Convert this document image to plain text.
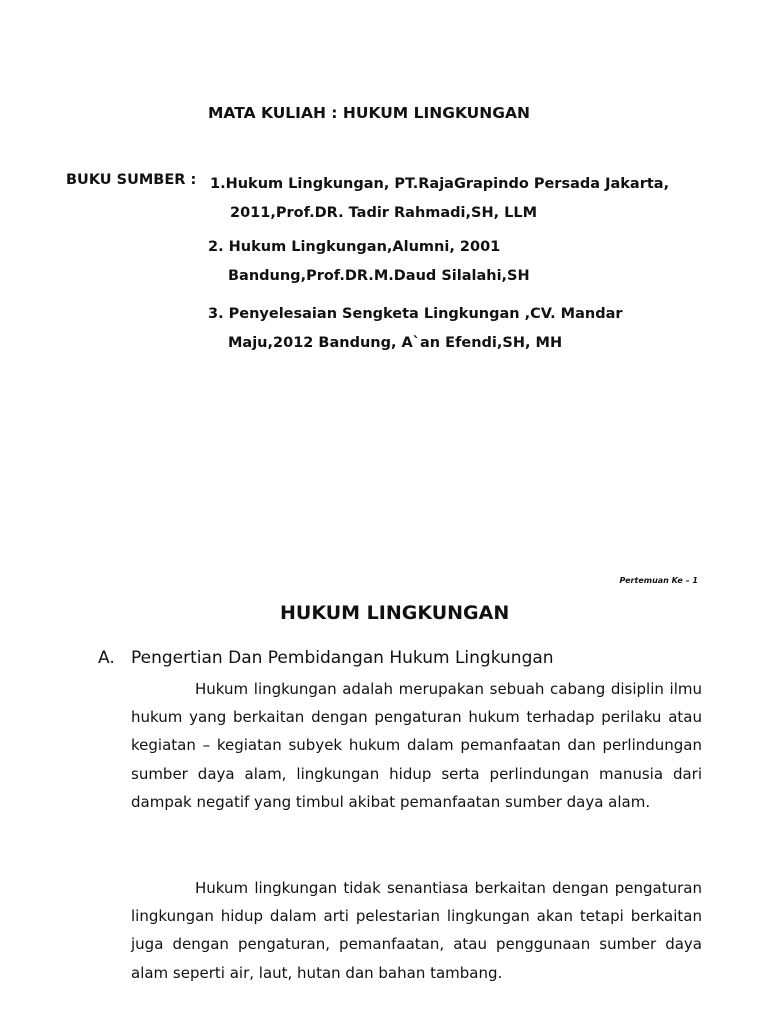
MATA KULIAH : HUKUM LINGKUNGAN
BUKU SUMBER : 1.Hukum Lingkungan, PT.RajaGrapindo Persada Jakarta,
2011,Prof.DR. Tadir Rahmadi,SH, LLM
2. Hukum Lingkungan,Alumni, 2001
Bandung,Prof.DR.M.Daud Silalahi,SH
3. Penyelesaian Sengketa Lingkungan ,CV. Mandar
Maju,2012 Bandung, A`an Efendi,SH, MH
Pertemuan Ke – 1
HUKUM LINGKUNGAN
A. Pengertian Dan Pembidangan Hukum Lingkungan

Hukum lingkungan adalah merupakan sebuah cabang disiplin ilmu hukum yang berkaitan dengan pengaturan hukum terhadap perilaku atau kegiatan – kegiatan subyek hukum dalam pemanfaatan dan perlindungan sumber daya alam, lingkungan hidup serta perlindungan manusia dari dampak negatif yang timbul akibat pemanfaatan sumber daya alam.

Hukum lingkungan tidak senantiasa berkaitan dengan pengaturan lingkungan hidup dalam arti pelestarian lingkungan akan tetapi berkaitan juga dengan pengaturan, pemanfaatan, atau penggunaan sumber daya alam seperti air, laut, hutan dan bahan tambang.
